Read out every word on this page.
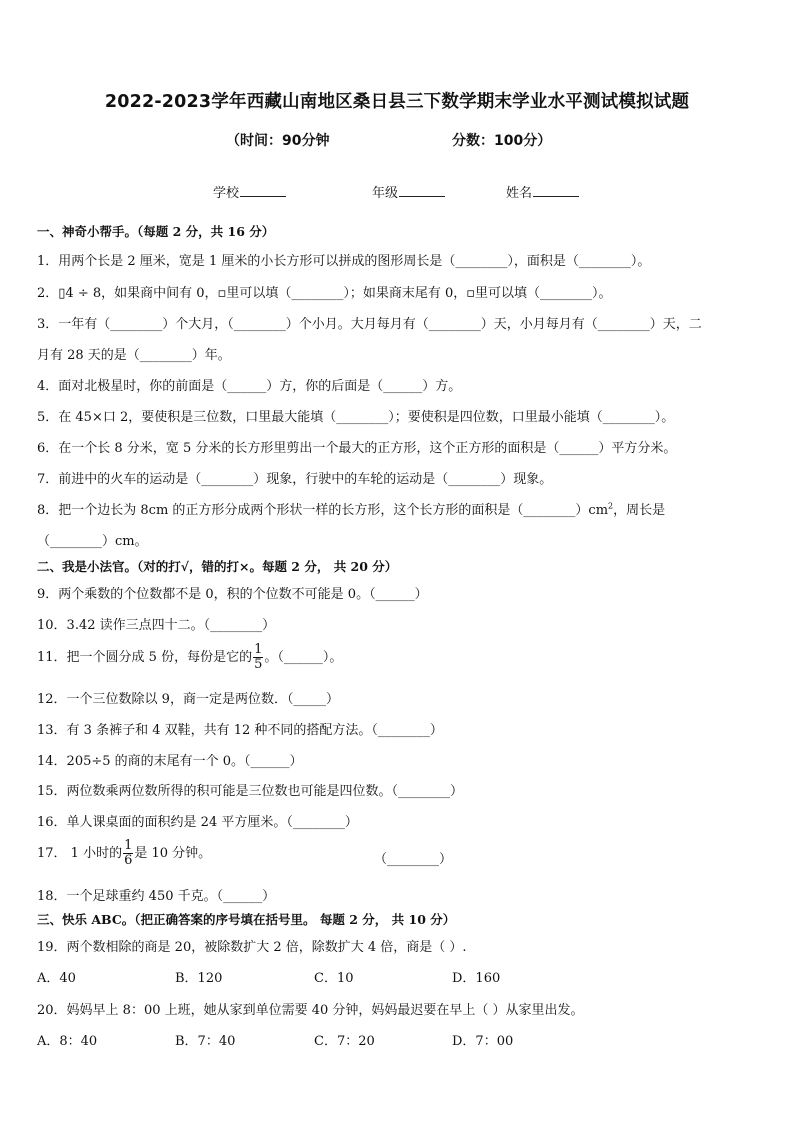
2022-2023学年西藏山南地区桑日县三下数学期末学业水平测试模拟试题
（时间：90分钟	分数：100分）
学校	年级	姓名
一、神奇小帮手。（每题 2 分，共 16 分）
1．用两个长是 2 厘米，宽是 1 厘米的小长方形可以拼成的图形周长是（________），面积是（________）。
2．▯4 ÷ 8，如果商中间有 0，▫里可以填（________）；如果商末尾有 0，▫里可以填（________）。
3．一年有（________）个大月，（________）个小月。大月每月有（________）天，小月每月有（________）天，二
月有 28 天的是（________）年。
4．面对北极星时，你的前面是（______）方，你的后面是（______）方。
5．在 45×口 2，要使积是三位数，口里最大能填（________）；要使积是四位数，口里最小能填（________）。
6．在一个长 8 分米，宽 5 分米的长方形里剪出一个最大的正方形，这个正方形的面积是（______）平方分米。
7．前进中的火车的运动是（________）现象，行驶中的车轮的运动是（________）现象。
8．把一个边长为 8cm 的正方形分成两个形状一样的长方形，这个长方形的面积是$(\_\_\_\_\_\_\_\_)cm^2$，周长是
（________）cm。
二、我是小法官。（对的打√，错的打×。每题 2 分， 共 20 分）
9．两个乘数的个位数都不是 0，积的个位数不可能是 0。（______）
10．3.42 读作三点四十二。（________）
11．把一个圆分成 5 份，每份是它的 $\frac{1}{5}$ 。（______）。
12．一个三位数除以 9，商一定是两位数．（_____）
13．有 3 条裤子和 4 双鞋，共有 12 种不同的搭配方法。（________）
14．205÷5 的商的末尾有一个 0。（______）
15．两位数乘两位数所得的积可能是三位数也可能是四位数。（________）
16．单人课桌面的面积约是 24 平方厘米。（________）
17． 1 小时的 $\frac{1}{6}$ 是 10 分钟。	（________）
18．一个足球重约 450 千克。（______）
三、快乐 ABC。（把正确答案的序号填在括号里。 每题 2 分， 共 10 分）
19．两个数相除的商是 20，被除数扩大 2 倍，除数扩大 4 倍，商是（ ）.
A．40	B．120	C．10	D．160
20．妈妈早上 8：00 上班，她从家到单位需要 40 分钟，妈妈最迟要在早上（ ）从家里出发。
A．8：40	B．7：40	C．7：20	D．7：00
